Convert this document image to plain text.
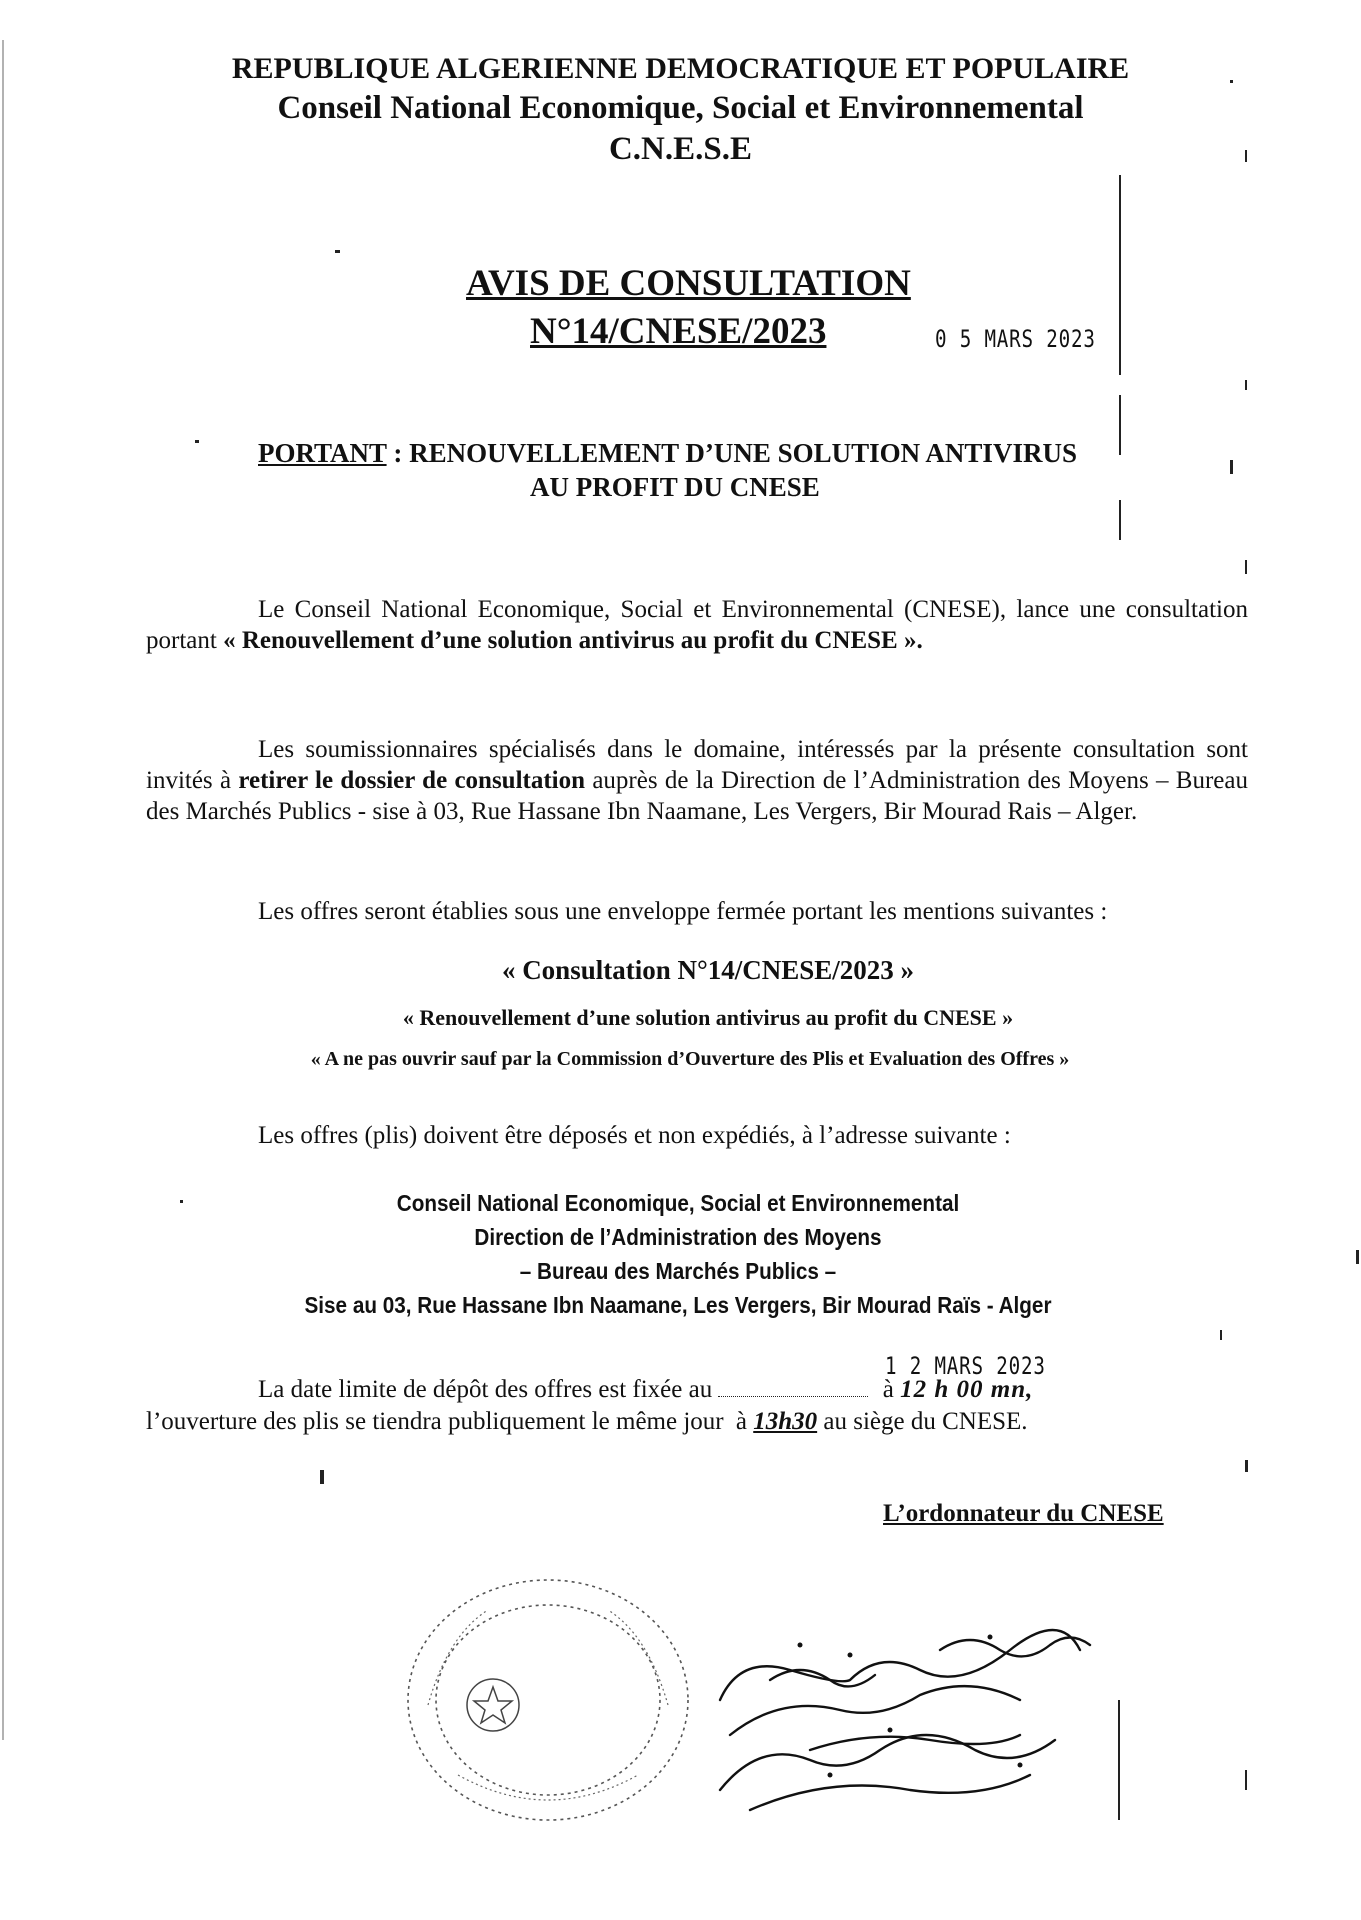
REPUBLIQUE ALGERIENNE DEMOCRATIQUE ET POPULAIRE
Conseil National Economique, Social et Environnemental
C.N.E.S.E
AVIS DE CONSULTATION
N°14/CNESE/2023	0 5 MARS 2023
PORTANT : RENOUVELLEMENT D’UNE SOLUTION ANTIVIRUS
AU PROFIT DU CNESE
Le Conseil National Economique, Social et Environnemental (CNESE), lance une consultation portant « Renouvellement d’une solution antivirus au profit du CNESE ».
Les soumissionnaires spécialisés dans le domaine, intéressés par la présente consultation sont invités à retirer le dossier de consultation auprès de la Direction de l’Administration des Moyens – Bureau des Marchés Publics - sise à 03, Rue Hassane Ibn Naamane, Les Vergers, Bir Mourad Rais – Alger.
Les offres seront établies sous une enveloppe fermée portant les mentions suivantes :
« Consultation N°14/CNESE/2023 »
« Renouvellement d’une solution antivirus au profit du CNESE »
« A ne pas ouvrir sauf par la Commission d’Ouverture des Plis et Evaluation des Offres »
Les offres (plis) doivent être déposés et non expédiés, à l’adresse suivante :
Conseil National Economique, Social et Environnemental
Direction de l’Administration des Moyens
– Bureau des Marchés Publics –
Sise au 03, Rue Hassane Ibn Naamane, Les Vergers, Bir Mourad Raïs - Alger
La date limite de dépôt des offres est fixée au	à 12 h 00 mn,
1 2 MARS 2023
l’ouverture des plis se tiendra publiquement le même jour à 13h30 au siège du CNESE.
L’ordonnateur du CNESE
